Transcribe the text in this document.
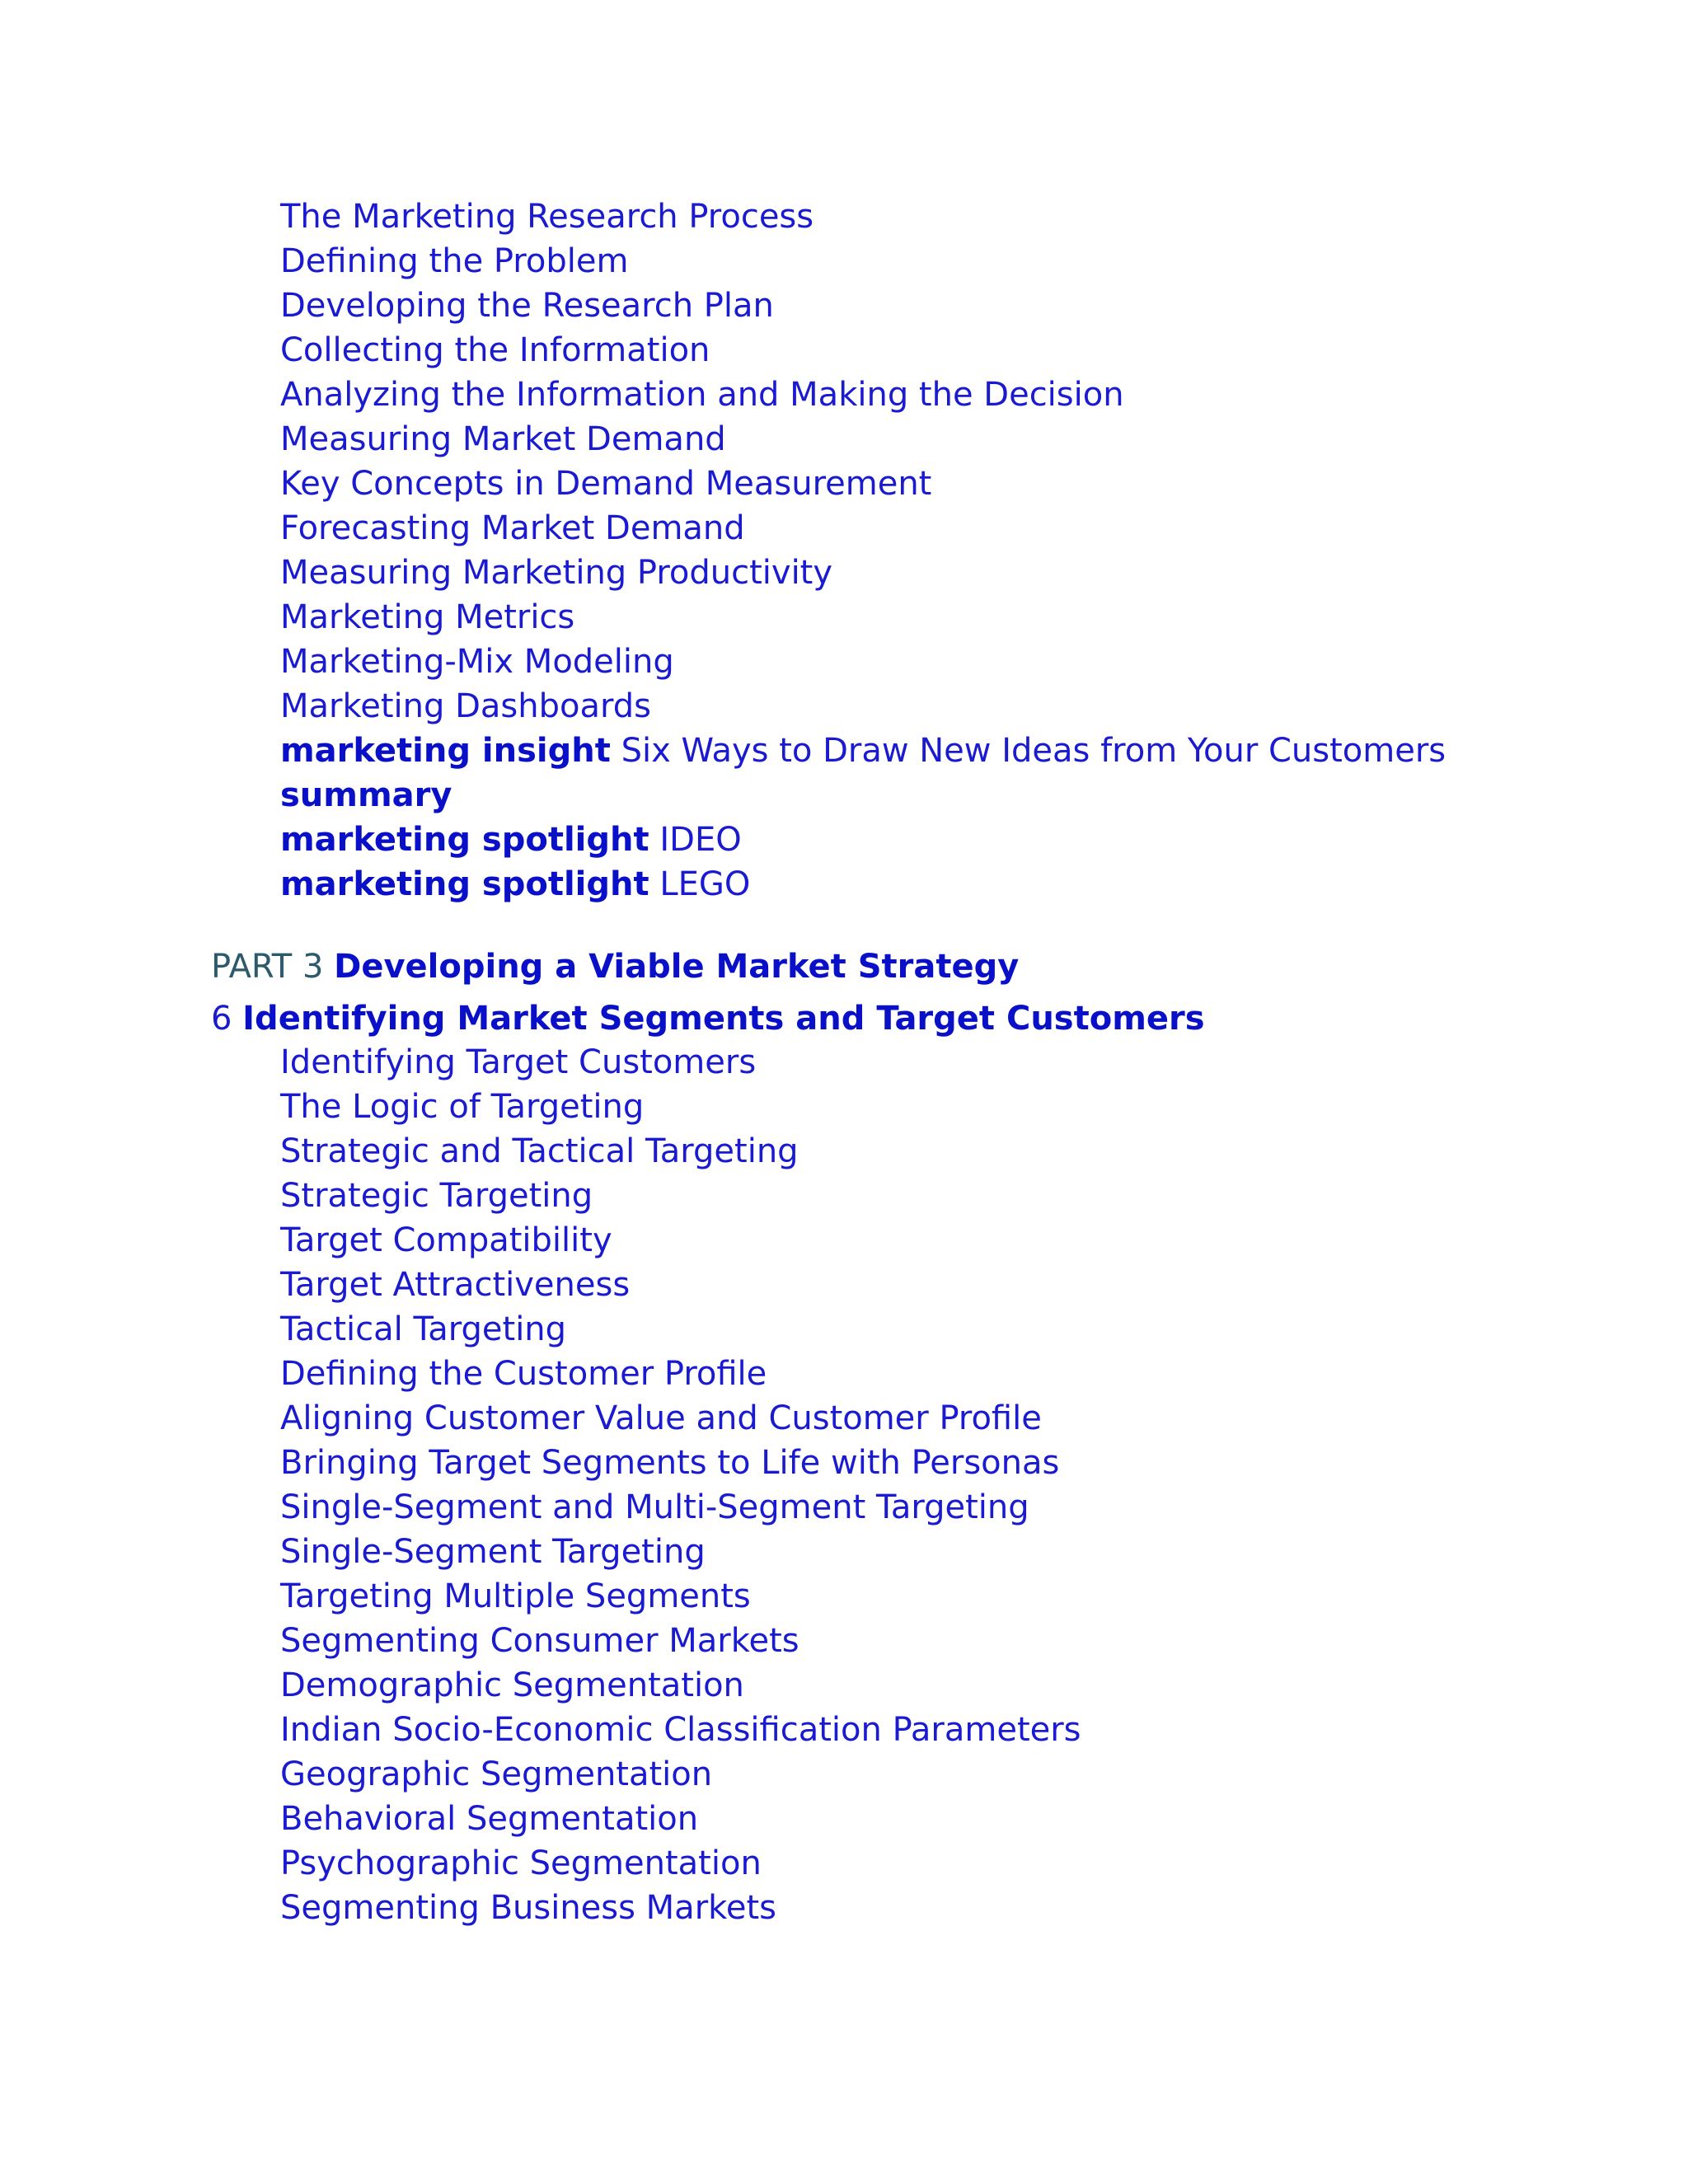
The Marketing Research Process
Defining the Problem
Developing the Research Plan
Collecting the Information
Analyzing the Information and Making the Decision
Measuring Market Demand
Key Concepts in Demand Measurement
Forecasting Market Demand
Measuring Marketing Productivity
Marketing Metrics
Marketing-Mix Modeling
Marketing Dashboards
marketing insight Six Ways to Draw New Ideas from Your Customers
summary
marketing spotlight IDEO
marketing spotlight LEGO
PART 3 Developing a Viable Market Strategy
6 Identifying Market Segments and Target Customers
Identifying Target Customers
The Logic of Targeting
Strategic and Tactical Targeting
Strategic Targeting
Target Compatibility
Target Attractiveness
Tactical Targeting
Defining the Customer Profile
Aligning Customer Value and Customer Profile
Bringing Target Segments to Life with Personas
Single-Segment and Multi-Segment Targeting
Single-Segment Targeting
Targeting Multiple Segments
Segmenting Consumer Markets
Demographic Segmentation
Indian Socio-Economic Classification Parameters
Geographic Segmentation
Behavioral Segmentation
Psychographic Segmentation
Segmenting Business Markets
